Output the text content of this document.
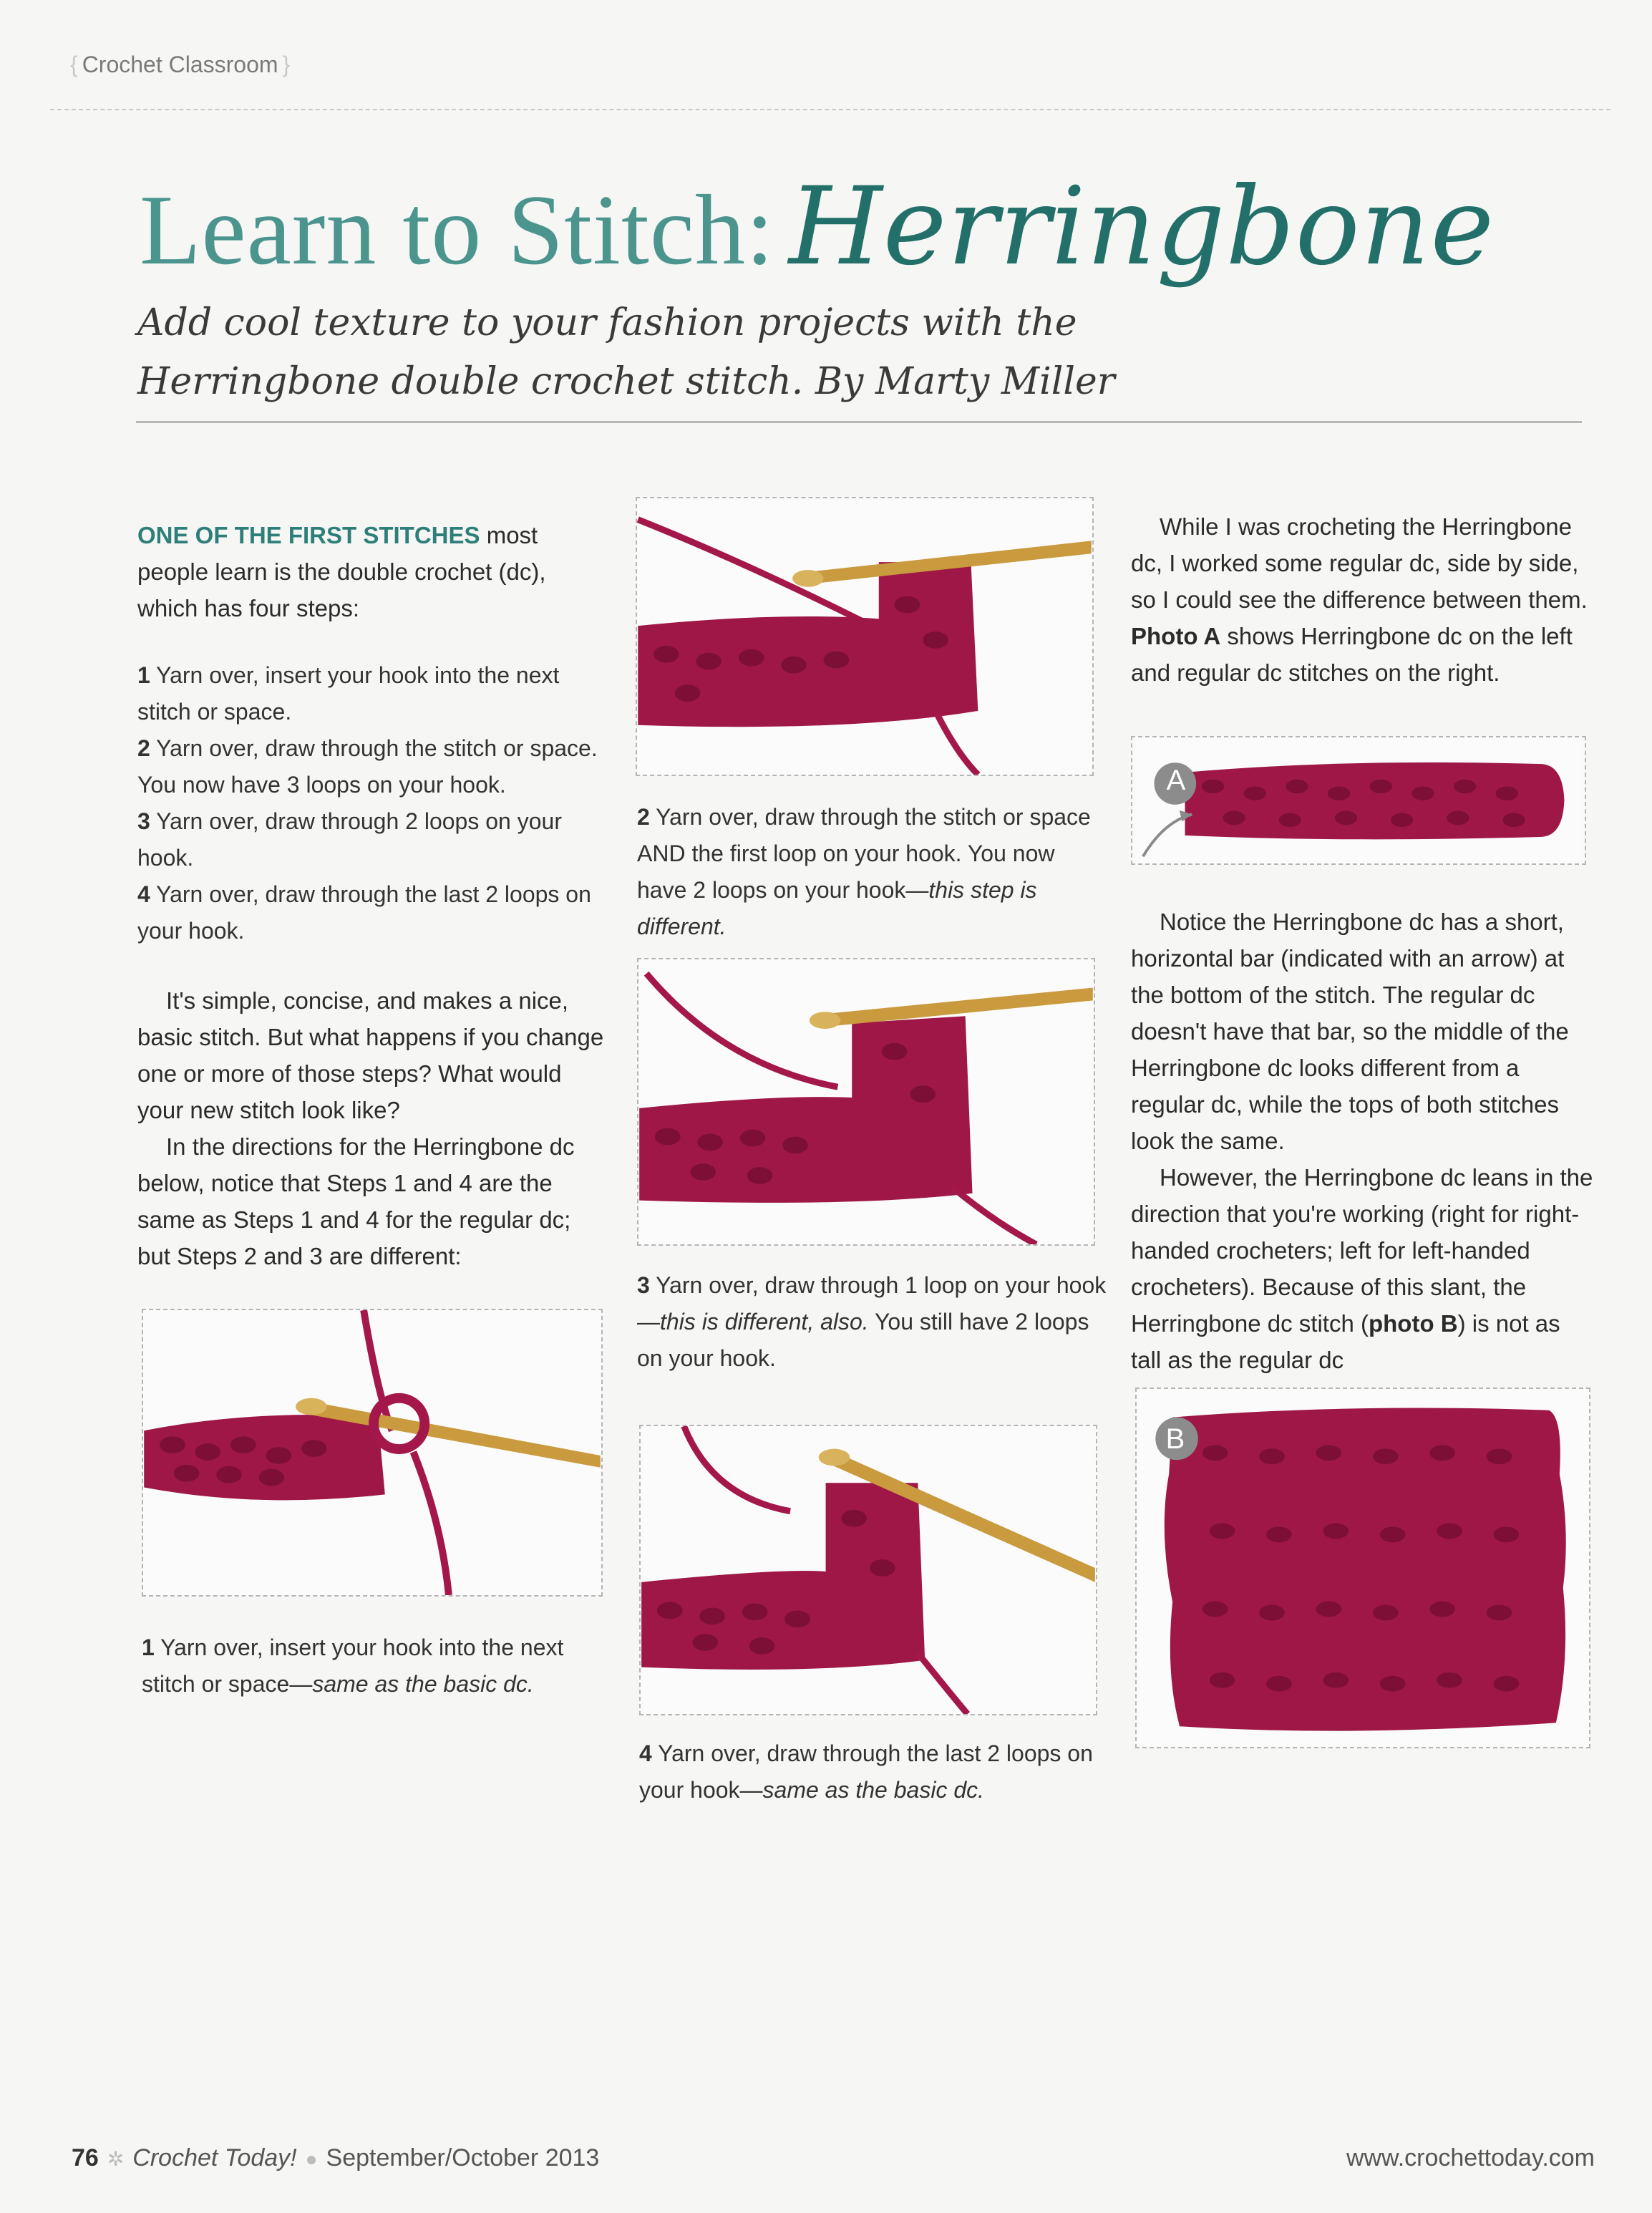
{ Crochet Classroom }
Learn to Stitch: Herringbone
Add cool texture to your fashion projects with the
Herringbone double crochet stitch. By Marty Miller

ONE OF THE FIRST STITCHES most people learn is the double crochet (dc), which has four steps:

1 Yarn over, insert your hook into the next stitch or space.
2 Yarn over, draw through the stitch or space. You now have 3 loops on your hook.
3 Yarn over, draw through 2 loops on your hook.
4 Yarn over, draw through the last 2 loops on your hook.

It's simple, concise, and makes a nice, basic stitch. But what happens if you change one or more of those steps? What would your new stitch look like?

In the directions for the Herringbone dc below, notice that Steps 1 and 4 are the same as Steps 1 and 4 for the regular dc; but Steps 2 and 3 are different:

1 Yarn over, insert your hook into the next stitch or space—same as the basic dc.
2 Yarn over, draw through the stitch or space AND the first loop on your hook. You now have 2 loops on your hook—this step is different.
3 Yarn over, draw through 1 loop on your hook—this is different, also. You still have 2 loops on your hook.
4 Yarn over, draw through the last 2 loops on your hook—same as the basic dc.

While I was crocheting the Herringbone dc, I worked some regular dc, side by side, so I could see the difference between them. Photo A shows Herringbone dc on the left and regular dc stitches on the right.

A

Notice the Herringbone dc has a short, horizontal bar (indicated with an arrow) at the bottom of the stitch. The regular dc doesn't have that bar, so the middle of the Herringbone dc looks different from a regular dc, while the tops of both stitches look the same.

However, the Herringbone dc leans in the direction that you're working (right for right-handed crocheters; left for left-handed crocheters). Because of this slant, the Herringbone dc stitch (photo B) is not as tall as the regular dc

B
76 ✲ Crochet Today! ● September/October 2013	www.crochettoday.com
